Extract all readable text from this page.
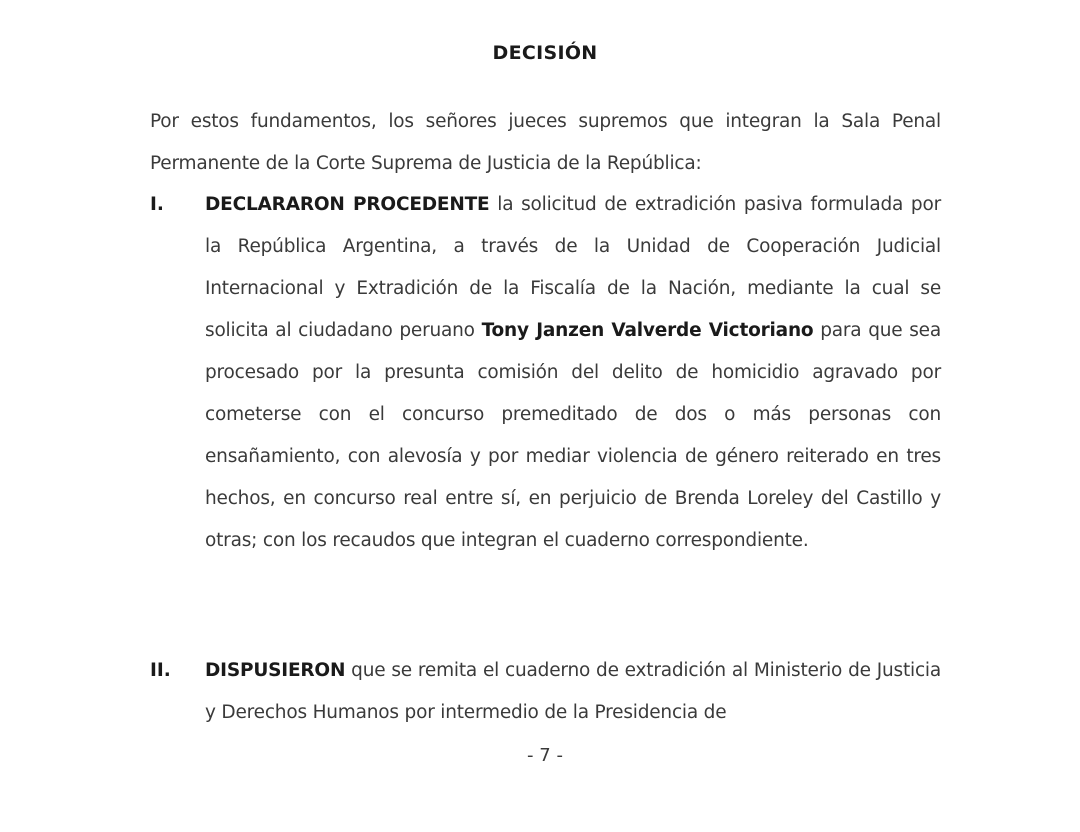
DECISIÓN
Por estos fundamentos, los señores jueces supremos que integran la Sala Penal Permanente de la Corte Suprema de Justicia de la República:
I. DECLARARON PROCEDENTE la solicitud de extradición pasiva formulada por la República Argentina, a través de la Unidad de Cooperación Judicial Internacional y Extradición de la Fiscalía de la Nación, mediante la cual se solicita al ciudadano peruano Tony Janzen Valverde Victoriano para que sea procesado por la presunta comisión del delito de homicidio agravado por cometerse con el concurso premeditado de dos o más personas con ensañamiento, con alevosía y por mediar violencia de género reiterado en tres hechos, en concurso real entre sí, en perjuicio de Brenda Loreley del Castillo y otras; con los recaudos que integran el cuaderno correspondiente.
II. DISPUSIERON que se remita el cuaderno de extradición al Ministerio de Justicia y Derechos Humanos por intermedio de la Presidencia de
- 7 -
